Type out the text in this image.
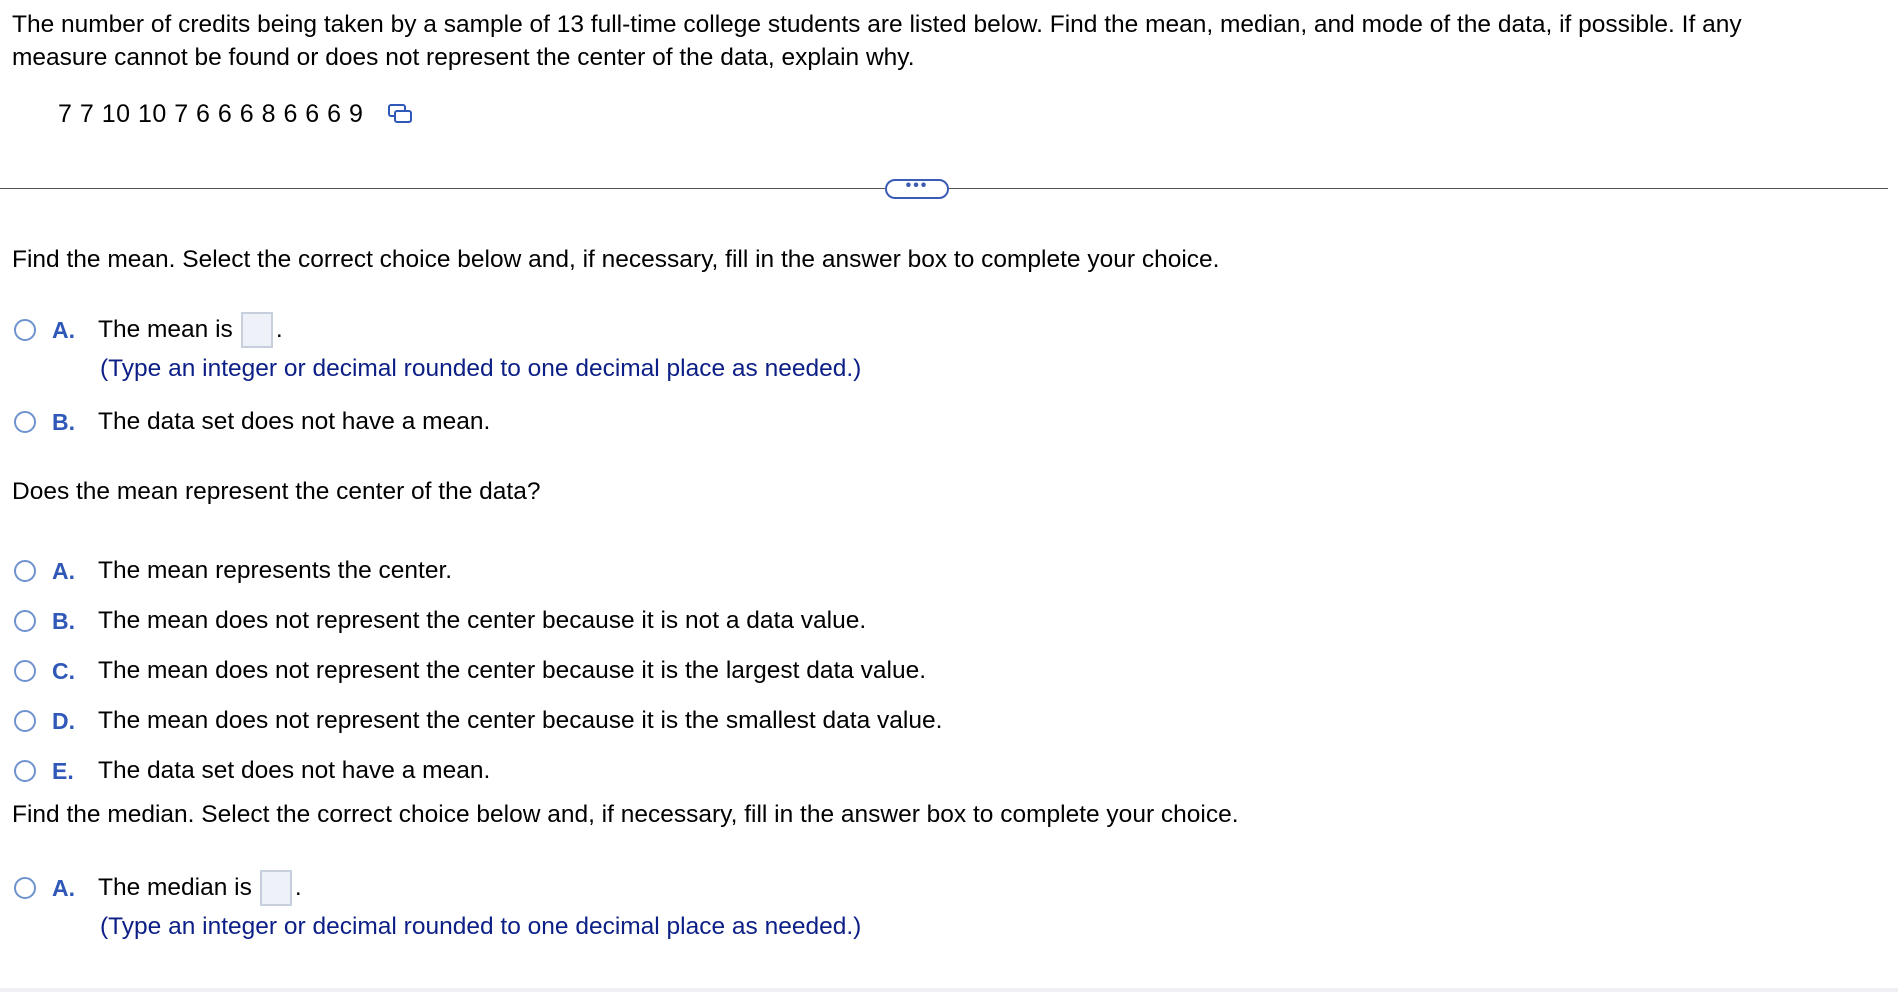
The number of credits being taken by a sample of 13 full-time college students are listed below. Find the mean, median, and mode of the data, if possible. If any
measure cannot be found or does not represent the center of the data, explain why.
7 7 10 10 7 6 6 6 8 6 6 6 9
•••
Find the mean. Select the correct choice below and, if necessary, fill in the answer box to complete your choice.
A. The mean is .
(Type an integer or decimal rounded to one decimal place as needed.)
B. The data set does not have a mean.
Does the mean represent the center of the data?
A. The mean represents the center.
B. The mean does not represent the center because it is not a data value.
C. The mean does not represent the center because it is the largest data value.
D. The mean does not represent the center because it is the smallest data value.
E. The data set does not have a mean.
Find the median. Select the correct choice below and, if necessary, fill in the answer box to complete your choice.
A. The median is .
(Type an integer or decimal rounded to one decimal place as needed.)
